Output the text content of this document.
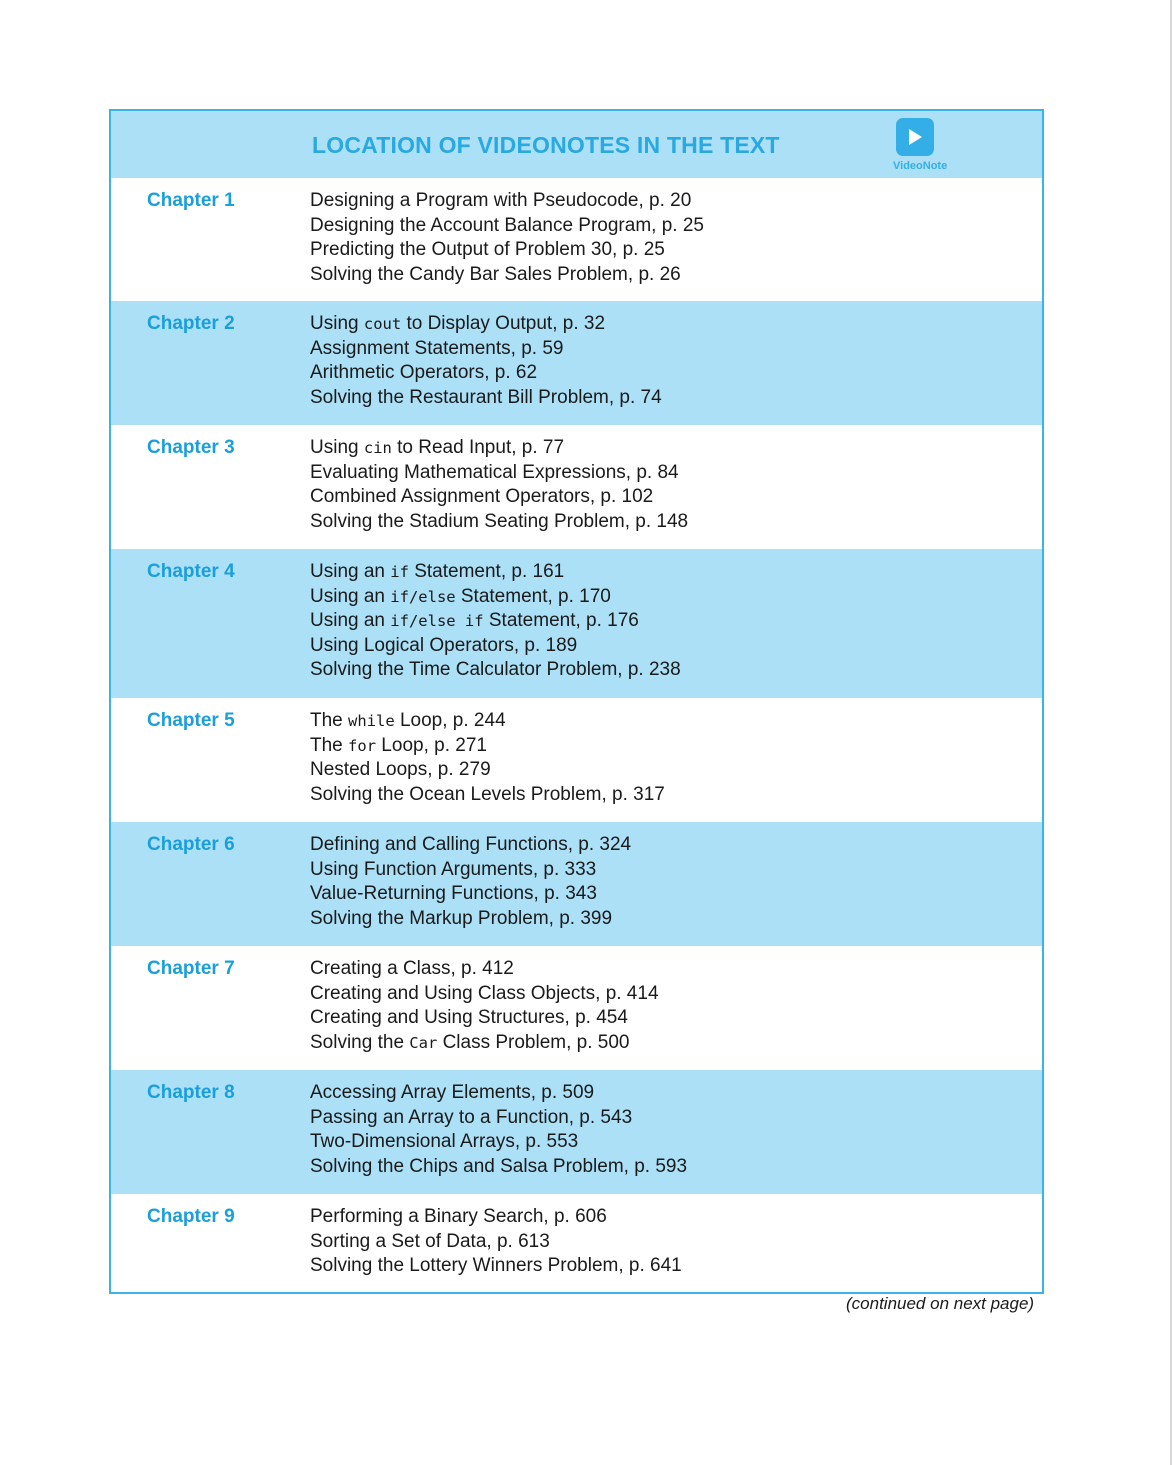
LOCATION OF VIDEONOTES IN THE TEXT
VideoNote
Chapter 1	Designing a Program with Pseudocode, p. 20
Designing the Account Balance Program, p. 25
Predicting the Output of Problem 30, p. 25
Solving the Candy Bar Sales Problem, p. 26
Chapter 2	Using cout to Display Output, p. 32
Assignment Statements, p. 59
Arithmetic Operators, p. 62
Solving the Restaurant Bill Problem, p. 74
Chapter 3	Using cin to Read Input, p. 77
Evaluating Mathematical Expressions, p. 84
Combined Assignment Operators, p. 102
Solving the Stadium Seating Problem, p. 148
Chapter 4	Using an if Statement, p. 161
Using an if/else Statement, p. 170
Using an if/else if Statement, p. 176
Using Logical Operators, p. 189
Solving the Time Calculator Problem, p. 238
Chapter 5	The while Loop, p. 244
The for Loop, p. 271
Nested Loops, p. 279
Solving the Ocean Levels Problem, p. 317
Chapter 6	Defining and Calling Functions, p. 324
Using Function Arguments, p. 333
Value-Returning Functions, p. 343
Solving the Markup Problem, p. 399
Chapter 7	Creating a Class, p. 412
Creating and Using Class Objects, p. 414
Creating and Using Structures, p. 454
Solving the Car Class Problem, p. 500
Chapter 8	Accessing Array Elements, p. 509
Passing an Array to a Function, p. 543
Two-Dimensional Arrays, p. 553
Solving the Chips and Salsa Problem, p. 593
Chapter 9	Performing a Binary Search, p. 606
Sorting a Set of Data, p. 613
Solving the Lottery Winners Problem, p. 641
(continued on next page)
